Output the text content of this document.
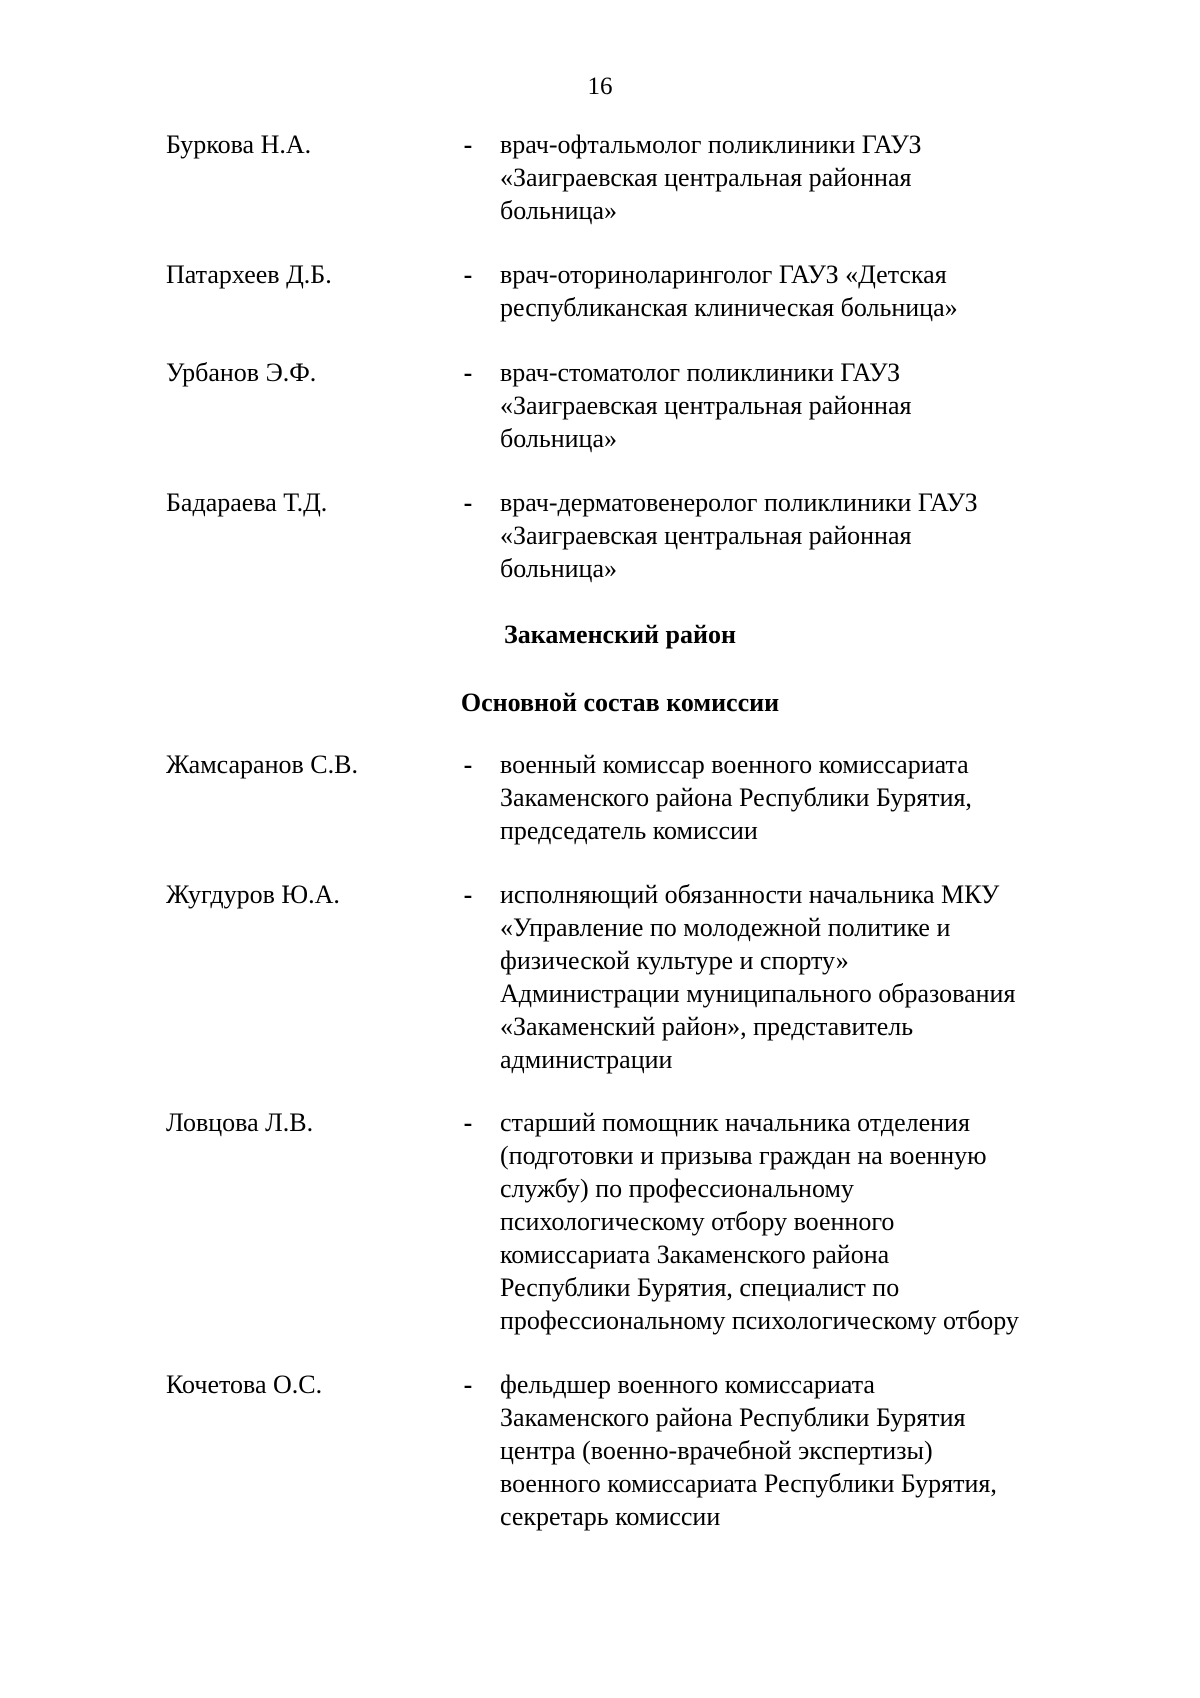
16
Буркова Н.А.	- врач-офтальмолог поликлиники ГАУЗ
«Заиграевская центральная районная
больница»
Патархеев Д.Б.	- врач-оториноларинголог ГАУЗ «Детская
республиканская клиническая больница»
Урбанов Э.Ф.	- врач-стоматолог поликлиники ГАУЗ
«Заиграевская центральная районная
больница»
Бадараева Т.Д.	- врач-дерматовенеролог поликлиники ГАУЗ
«Заиграевская центральная районная
больница»
Закаменский район
Основной состав комиссии
Жамсаранов С.В.	- военный комиссар военного комиссариата
Закаменского района Республики Бурятия,
председатель комиссии
Жугдуров Ю.А.	- исполняющий обязанности начальника МКУ
«Управление по молодежной политике и
физической культуре и спорту»
Администрации муниципального образования
«Закаменский район», представитель
администрации
Ловцова Л.В.	- старший помощник начальника отделения
(подготовки и призыва граждан на военную
службу) по профессиональному
психологическому отбору военного
комиссариата Закаменского района
Республики Бурятия, специалист по
профессиональному психологическому отбору
Кочетова О.С.	- фельдшер военного комиссариата
Закаменского района Республики Бурятия
центра (военно-врачебной экспертизы)
военного комиссариата Республики Бурятия,
секретарь комиссии
